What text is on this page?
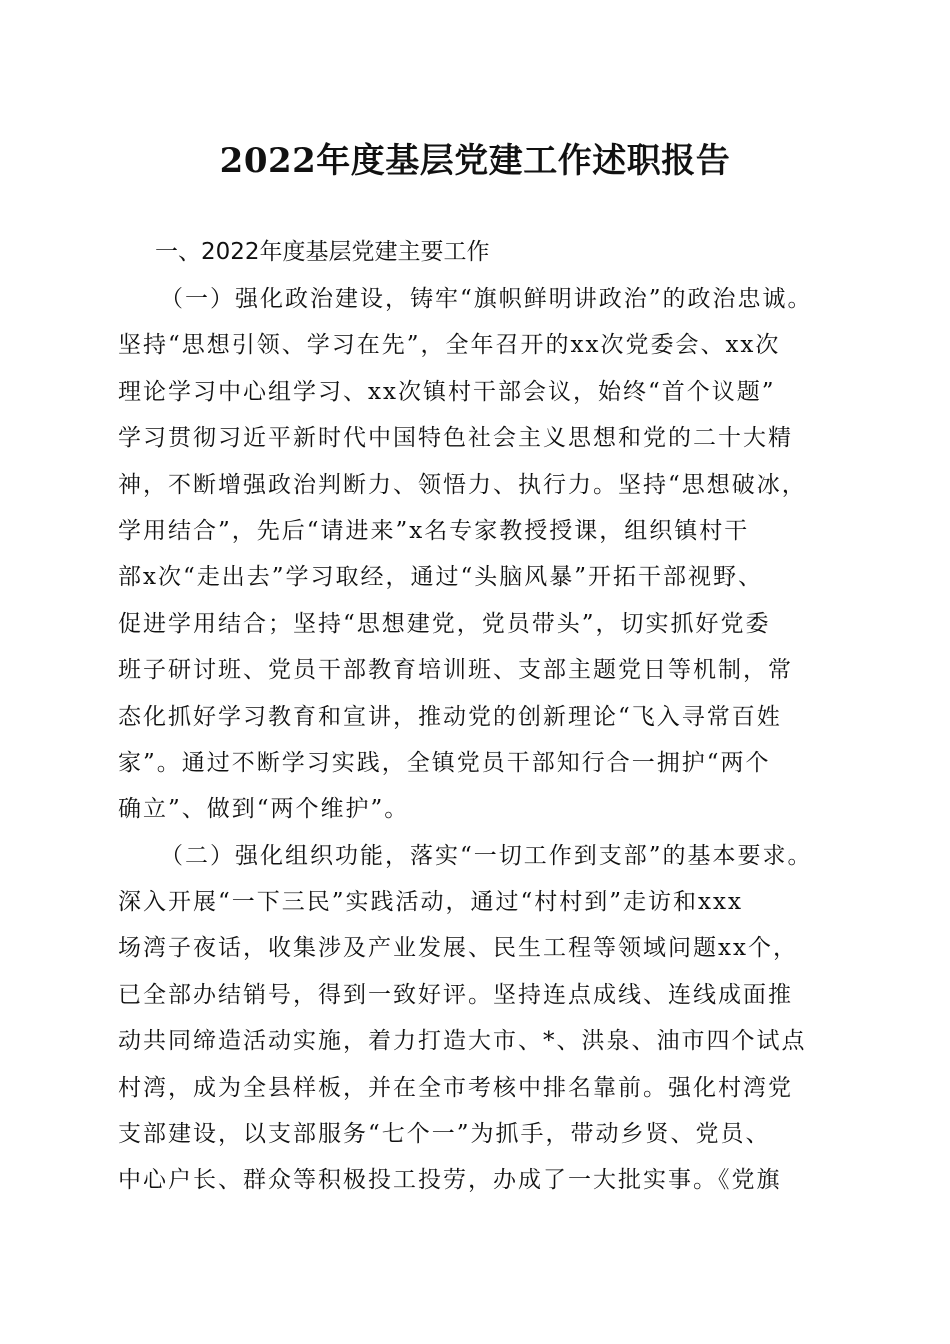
2022年度基层党建工作述职报告
一、2022年度基层党建主要工作
（一）强化政治建设，铸牢“旗帜鲜明讲政治”的政治忠诚。
坚持“思想引领、学习在先”，全年召开的xx次党委会、xx次
理论学习中心组学习、xx次镇村干部会议，始终“首个议题”
学习贯彻习近平新时代中国特色社会主义思想和党的二十大精
神，不断增强政治判断力、领悟力、执行力。坚持“思想破冰，
学用结合”，先后“请进来”x名专家教授授课，组织镇村干
部x次“走出去”学习取经，通过“头脑风暴”开拓干部视野、
促进学用结合；坚持“思想建党，党员带头”，切实抓好党委
班子研讨班、党员干部教育培训班、支部主题党日等机制，常
态化抓好学习教育和宣讲，推动党的创新理论“飞入寻常百姓
家”。通过不断学习实践，全镇党员干部知行合一拥护“两个
确立”、做到“两个维护”。
（二）强化组织功能，落实“一切工作到支部”的基本要求。
深入开展“一下三民”实践活动，通过“村村到”走访和xxx
场湾子夜话，收集涉及产业发展、民生工程等领域问题xx个，
已全部办结销号，得到一致好评。坚持连点成线、连线成面推
动共同缔造活动实施，着力打造大市、*、洪泉、油市四个试点
村湾，成为全县样板，并在全市考核中排名靠前。强化村湾党
支部建设，以支部服务“七个一”为抓手，带动乡贤、党员、
中心户长、群众等积极投工投劳，办成了一大批实事。《党旗
